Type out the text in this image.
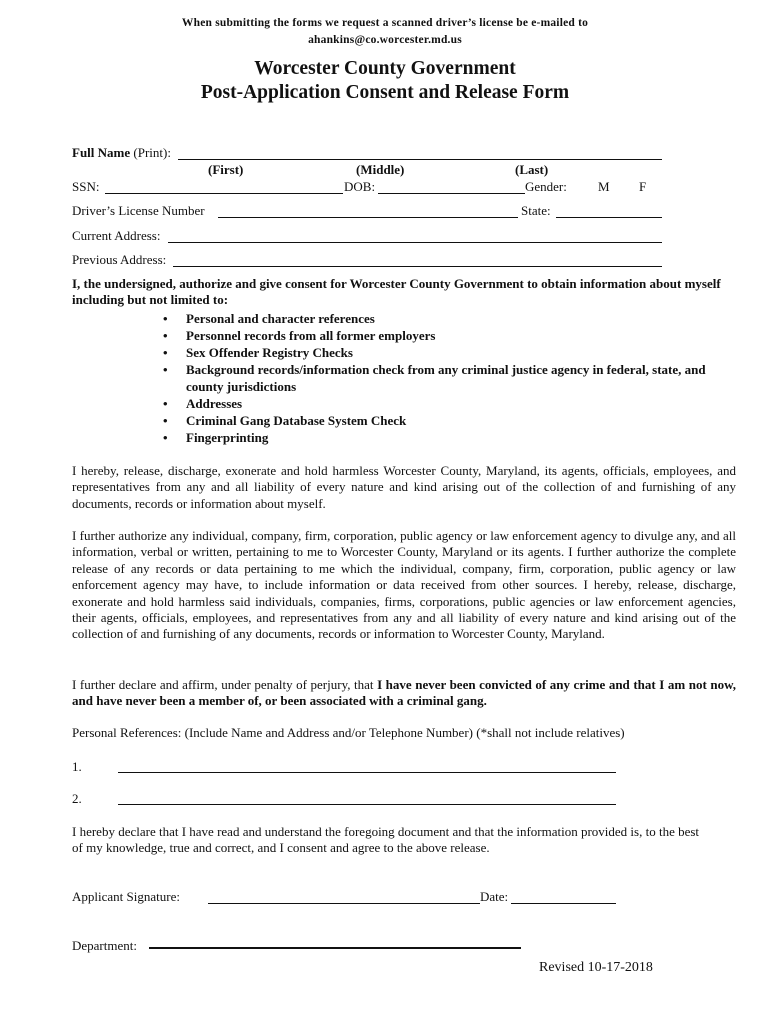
When submitting the forms we request a scanned driver’s license be e-mailed to
ahankins@co.worcester.md.us
Worcester County Government
Post-Application Consent and Release Form
Full Name (Print):
(First)	(Middle)	(Last)
SSN:	DOB:	Gender: M F
Driver’s License Number	State:
Current Address:
Previous Address:
I, the undersigned, authorize and give consent for Worcester County Government to obtain information about myself including but not limited to:
• Personal and character references
• Personnel records from all former employers
• Sex Offender Registry Checks
• Background records/information check from any criminal justice agency in federal, state, and county jurisdictions
• Addresses
• Criminal Gang Database System Check
• Fingerprinting
I hereby, release, discharge, exonerate and hold harmless Worcester County, Maryland, its agents, officials, employees, and representatives from any and all liability of every nature and kind arising out of the collection of and furnishing of any documents, records or information about myself.
I further authorize any individual, company, firm, corporation, public agency or law enforcement agency to divulge any, and all information, verbal or written, pertaining to me to Worcester County, Maryland or its agents. I further authorize the complete release of any records or data pertaining to me which the individual, company, firm, corporation, public agency or law enforcement agency may have, to include information or data received from other sources. I hereby, release, discharge, exonerate and hold harmless said individuals, companies, firms, corporations, public agencies or law enforcement agencies, their agents, officials, employees, and representatives from any and all liability of every nature and kind arising out of the collection of and furnishing of any documents, records or information to Worcester County, Maryland.
I further declare and affirm, under penalty of perjury, that I have never been convicted of any crime and that I am not now, and have never been a member of, or been associated with a criminal gang.
Personal References: (Include Name and Address and/or Telephone Number) (*shall not include relatives)
1.
2.
I hereby declare that I have read and understand the foregoing document and that the information provided is, to the best of my knowledge, true and correct, and I consent and agree to the above release.
Applicant Signature:	Date:
Department:
Revised 10-17-2018
